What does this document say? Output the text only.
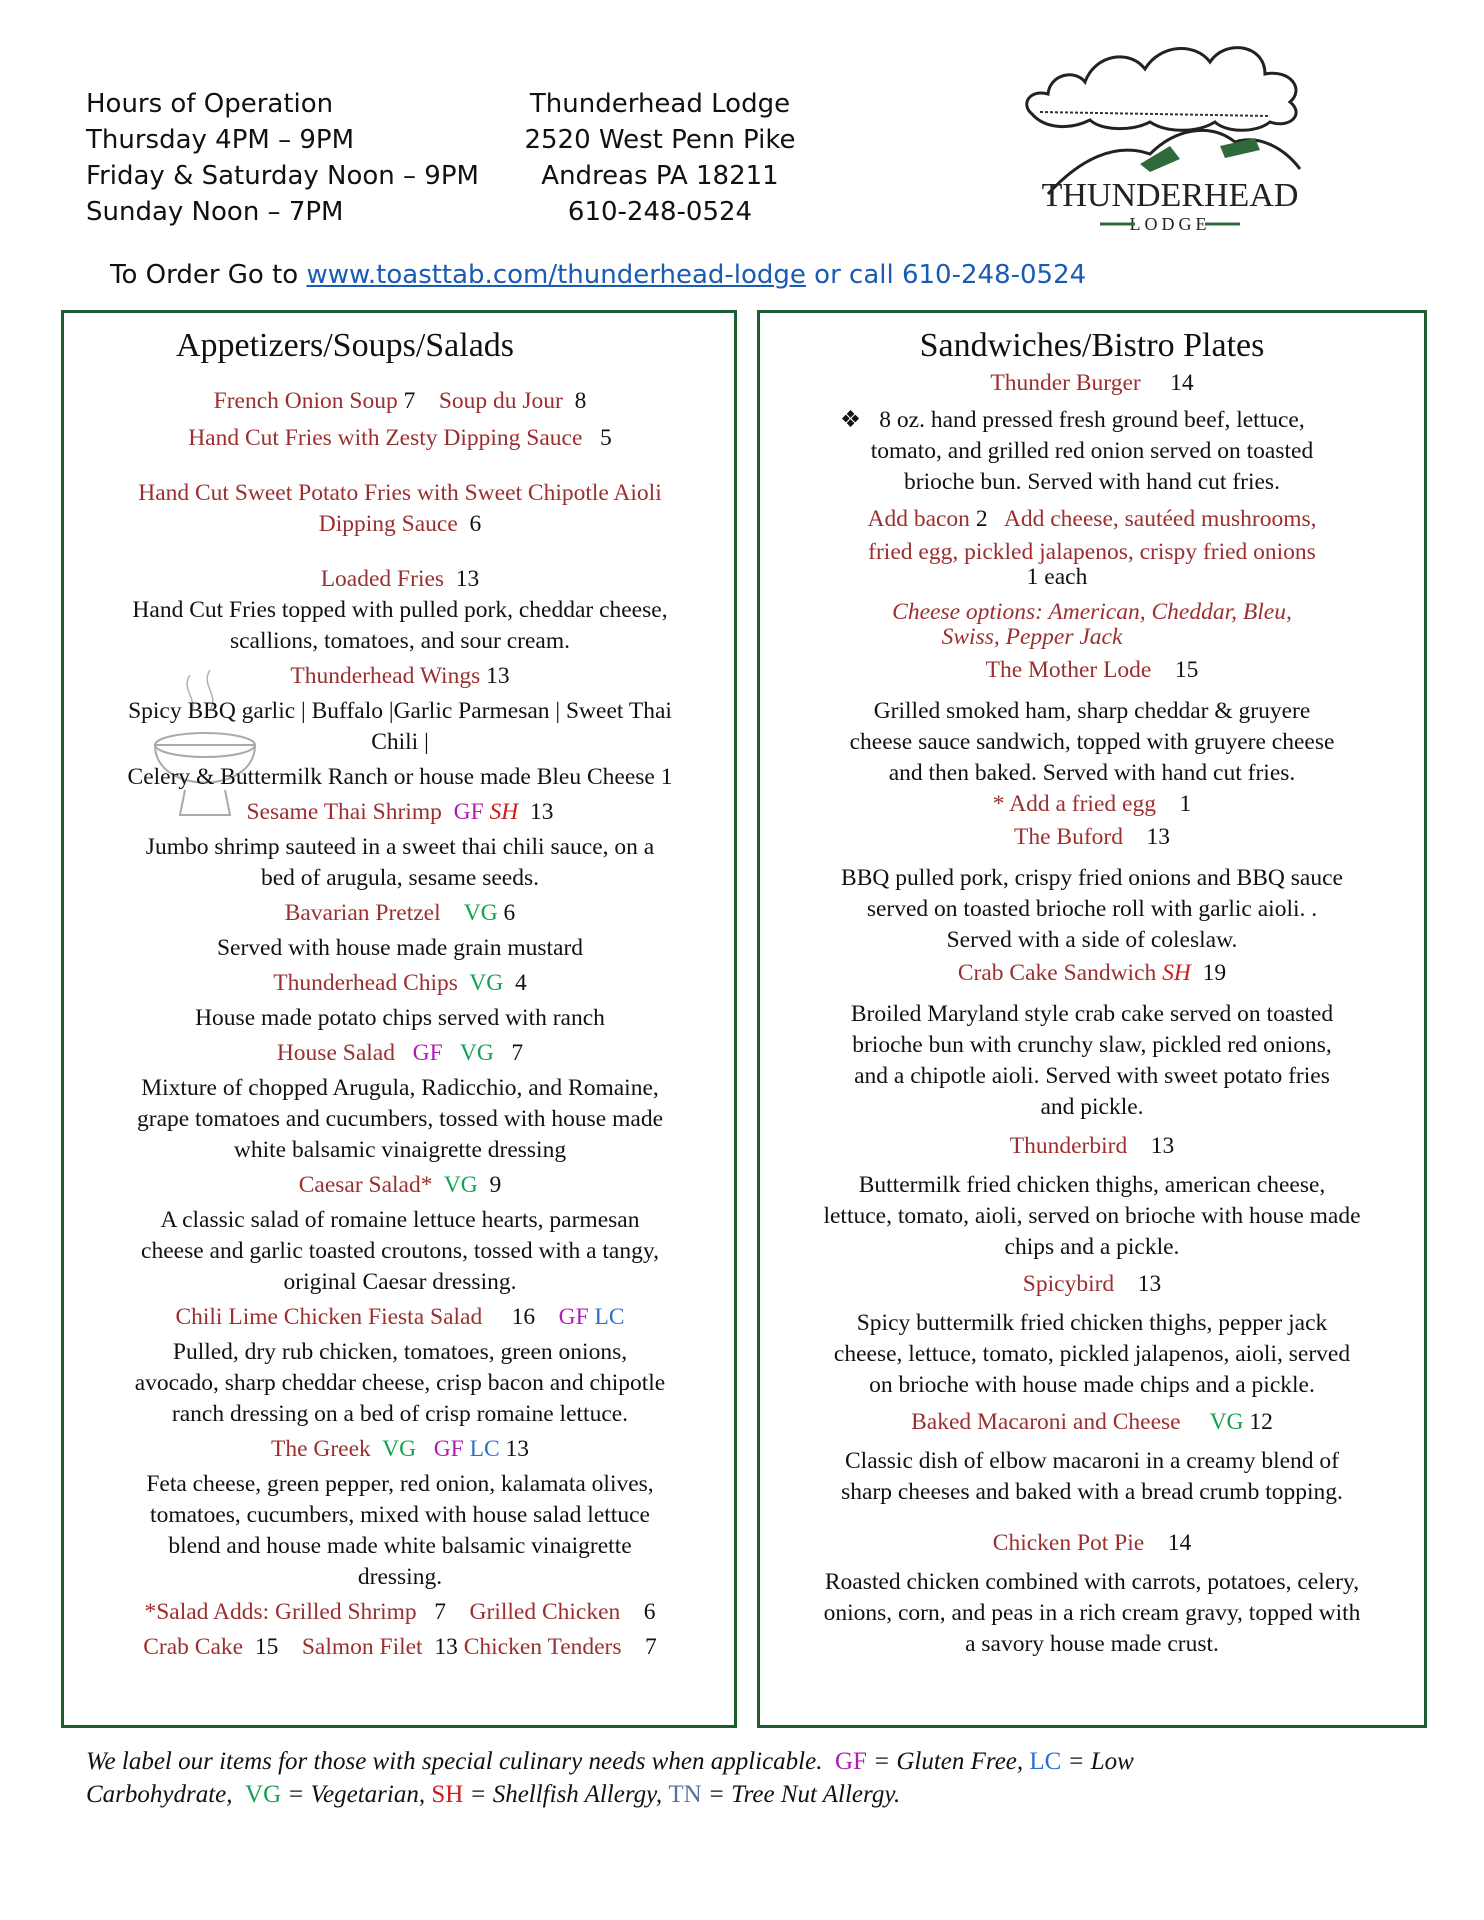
Hours of Operation
Thursday 4PM – 9PM
Friday & Saturday Noon – 9PM
Sunday Noon – 7PM
Thunderhead Lodge
2520 West Penn Pike
Andreas PA 18211
610-248-0524	THUNDERHEAD
LODGE
To Order Go to www.toasttab.com/thunderhead-lodge or call 610-248-0524
Appetizers/Soups/Salads

French Onion Soup 7 Soup du Jour 8

Hand Cut Fries with Zesty Dipping Sauce 5

Hand Cut Sweet Potato Fries with Sweet Chipotle Aioli

Dipping Sauce 6

Loaded Fries 13

Hand Cut Fries topped with pulled pork, cheddar cheese,

scallions, tomatoes, and sour cream.

Thunderhead Wings 13

Spicy BBQ garlic | Buffalo |Garlic Parmesan | Sweet Thai

Chili |

Celery & Buttermilk Ranch or house made Bleu Cheese 1

Sesame Thai Shrimp GF SH 13

Jumbo shrimp sauteed in a sweet thai chili sauce, on a

bed of arugula, sesame seeds.

Bavarian Pretzel VG 6

Served with house made grain mustard

Thunderhead Chips VG 4

House made potato chips served with ranch

House Salad GF VG 7

Mixture of chopped Arugula, Radicchio, and Romaine,

grape tomatoes and cucumbers, tossed with house made

white balsamic vinaigrette dressing

Caesar Salad* VG 9

A classic salad of romaine lettuce hearts, parmesan

cheese and garlic toasted croutons, tossed with a tangy,

original Caesar dressing.

Chili Lime Chicken Fiesta Salad 16 GF LC

Pulled, dry rub chicken, tomatoes, green onions,

avocado, sharp cheddar cheese, crisp bacon and chipotle

ranch dressing on a bed of crisp romaine lettuce.

The Greek VG GF LC 13

Feta cheese, green pepper, red onion, kalamata olives,

tomatoes, cucumbers, mixed with house salad lettuce

blend and house made white balsamic vinaigrette

dressing.

*Salad Adds: Grilled Shrimp 7 Grilled Chicken 6

Crab Cake 15 Salmon Filet 13 Chicken Tenders 7

Sandwiches/Bistro Plates

Thunder Burger 14

❖ 8 oz. hand pressed fresh ground beef, lettuce,

tomato, and grilled red onion served on toasted

brioche bun. Served with hand cut fries.

Add bacon 2 Add cheese, sautéed mushrooms,

fried egg, pickled jalapenos, crispy fried onions

1 each

Cheese options: American, Cheddar, Bleu,

Swiss, Pepper Jack

The Mother Lode 15

Grilled smoked ham, sharp cheddar & gruyere

cheese sauce sandwich, topped with gruyere cheese

and then baked. Served with hand cut fries.

* Add a fried egg 1

The Buford 13

BBQ pulled pork, crispy fried onions and BBQ sauce

served on toasted brioche roll with garlic aioli. .

Served with a side of coleslaw.

Crab Cake Sandwich SH 19

Broiled Maryland style crab cake served on toasted

brioche bun with crunchy slaw, pickled red onions,

and a chipotle aioli. Served with sweet potato fries

and pickle.

Thunderbird 13

Buttermilk fried chicken thighs, american cheese,

lettuce, tomato, aioli, served on brioche with house made

chips and a pickle.

Spicybird 13

Spicy buttermilk fried chicken thighs, pepper jack

cheese, lettuce, tomato, pickled jalapenos, aioli, served

on brioche with house made chips and a pickle.

Baked Macaroni and Cheese VG 12

Classic dish of elbow macaroni in a creamy blend of

sharp cheeses and baked with a bread crumb topping.

Chicken Pot Pie 14

Roasted chicken combined with carrots, potatoes, celery,

onions, corn, and peas in a rich cream gravy, topped with

a savory house made crust.

We label our items for those with special culinary needs when applicable. GF = Gluten Free, LC = Low
Carbohydrate, VG = Vegetarian, SH = Shellfish Allergy, TN = Tree Nut Allergy.
